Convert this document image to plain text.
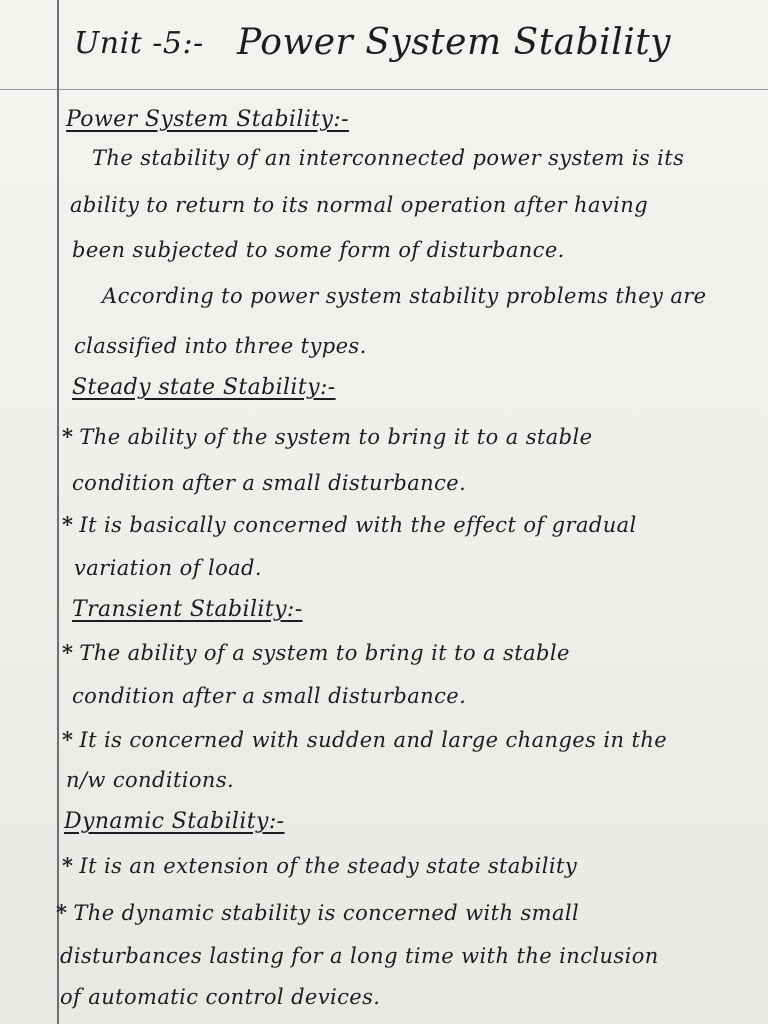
Unit -5:- Power System Stability
Power System Stability:-
The stability of an interconnected power system is its
ability to return to its normal operation after having
been subjected to some form of disturbance.
According to power system stability problems they are
classified into three types.
Steady state Stability:-
* The ability of the system to bring it to a stable
condition after a small disturbance.
* It is basically concerned with the effect of gradual
variation of load.
Transient Stability:-
* The ability of a system to bring it to a stable
condition after a small disturbance.
* It is concerned with sudden and large changes in the
n/w conditions.
Dynamic Stability:-
* It is an extension of the steady state stability
* The dynamic stability is concerned with small
disturbances lasting for a long time with the inclusion
of automatic control devices.
